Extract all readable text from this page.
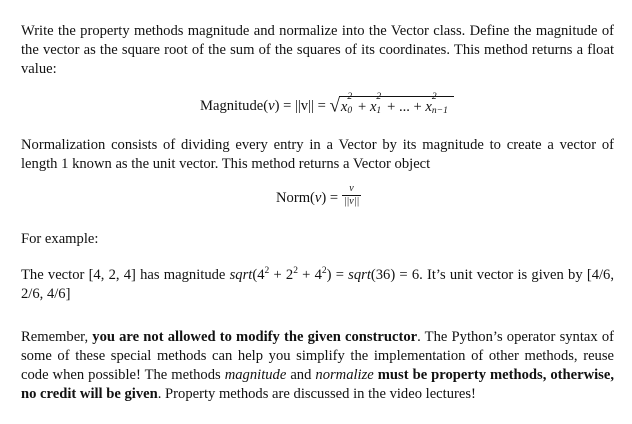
Write the property methods magnitude and normalize into the Vector class. Define the magnitude of the vector as the square root of the sum of the squares of its coordinates. This method returns a float value:

Magnitude(v) = ||v|| = √x
2
0 + x
2
1 + ... + x
2
n−1

Normalization consists of dividing every entry in a Vector by its magnitude to create a vector of length 1 known as the unit vector. This method returns a Vector object

Norm(v) = $\frac{v}{||v||}$

For example:

The vector [4, 2, 4] has magnitude $sqrt(4^2 + 2^2 + 4^2)$ = sqrt(36) = 6. It’s unit vector is given by [4/6, 2/6, 4/6]

Remember, you are not allowed to modify the given constructor. The Python’s operator syntax of some of these special methods can help you simplify the implementation of other methods, reuse code when possible! The methods magnitude and normalize must be property methods, otherwise, no credit will be given. Property methods are discussed in the video lectures!
